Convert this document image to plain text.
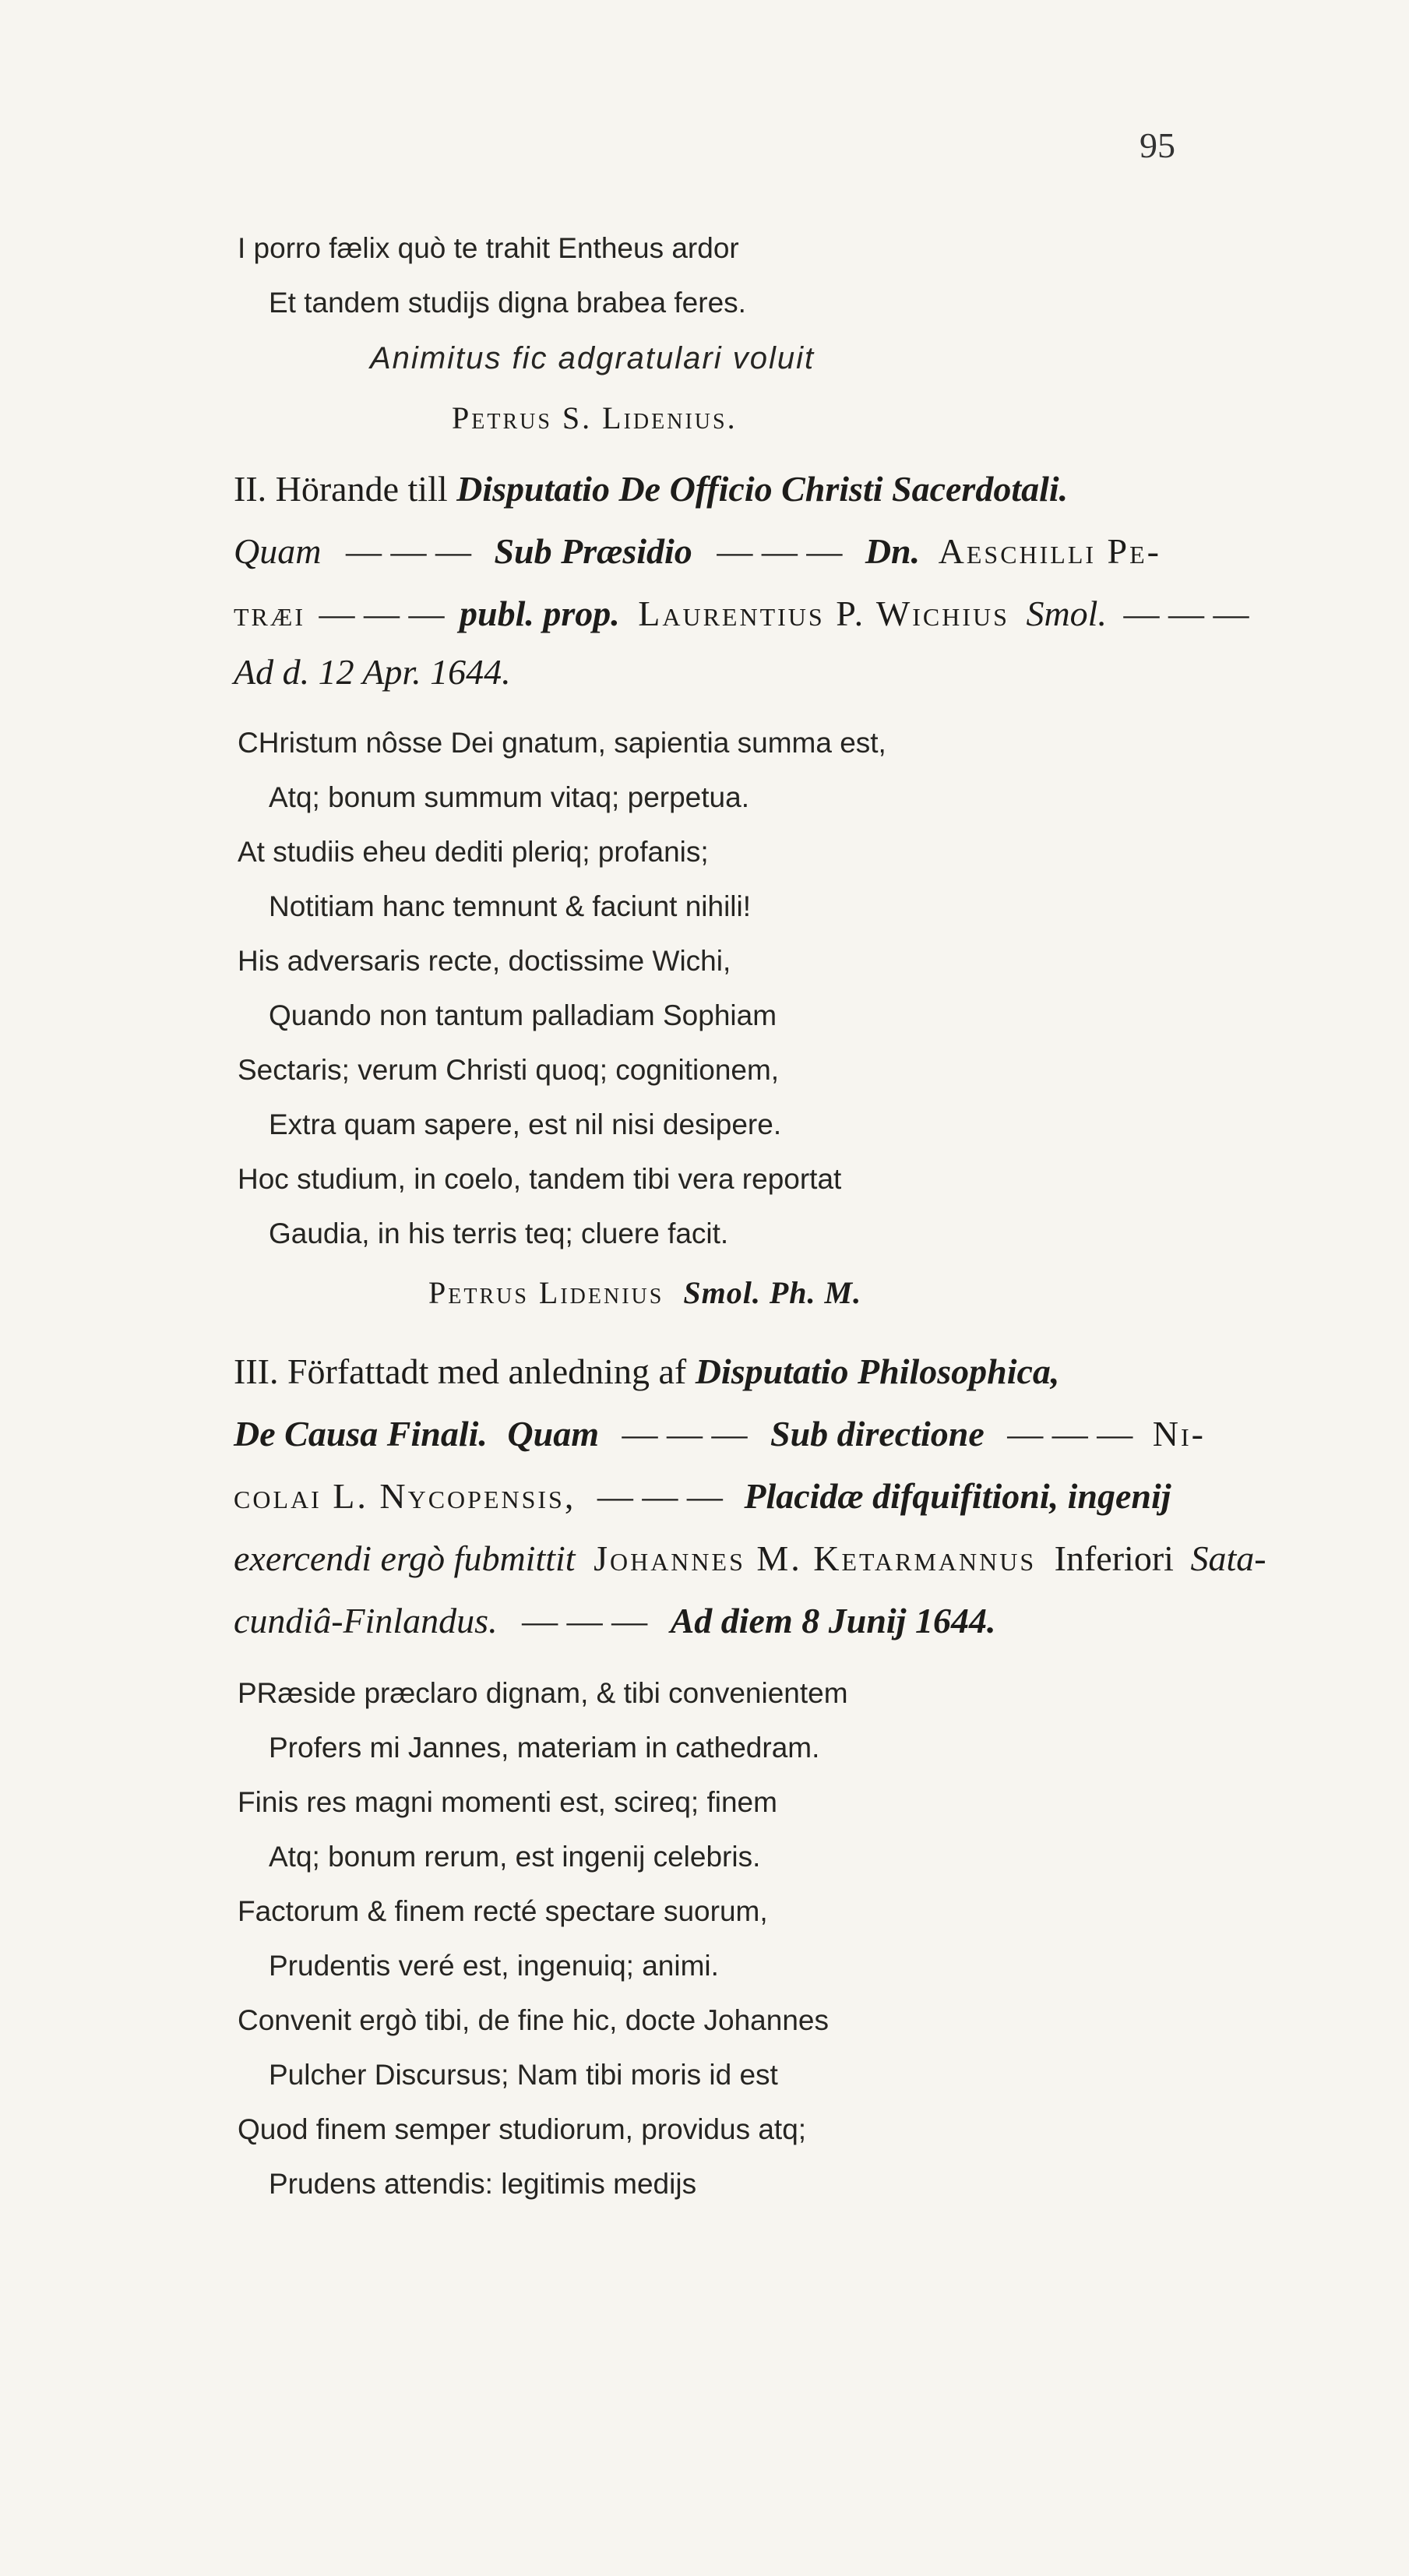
95
I porro fælix quò te trahit Entheus ardor
Et tandem studijs digna brabea feres.
Animitus fic adgratulari voluit
Petrus S. Lidenius.
II. Hörande till Disputatio De Officio Christi Sacerdotali.
Quam — — — Sub Præsidio — — — Dn. Aeschilli Pe-
træi — — — publ. prop. Laurentius P. Wichius Smol. — — —
Ad d. 12 Apr. 1644.
CHristum nôsse Dei gnatum, sapientia summa est,
Atq; bonum summum vitaq; perpetua.
At studiis eheu dediti pleriq; profanis;
Notitiam hanc temnunt & faciunt nihili!
His adversaris recte, doctissime Wichi,
Quando non tantum palladiam Sophiam
Sectaris; verum Christi quoq; cognitionem,
Extra quam sapere, est nil nisi desipere.
Hoc studium, in coelo, tandem tibi vera reportat
Gaudia, in his terris teq; cluere facit.
Petrus Lidenius Smol. Ph. M.
III. Författadt med anledning af Disputatio Philosophica,
De Causa Finali. Quam — — — Sub directione — — — Ni-
colai L. Nycopensis, — — — Placidæ difquifitioni, ingenij
exercendi ergò fubmittit Johannes M. Ketarmannus Inferiori Sata-
cundiâ-Finlandus. — — — Ad diem 8 Junij 1644.
PRæside præclaro dignam, & tibi convenientem
Profers mi Jannes, materiam in cathedram.
Finis res magni momenti est, scireq; finem
Atq; bonum rerum, est ingenij celebris.
Factorum & finem recté spectare suorum,
Prudentis veré est, ingenuiq; animi.
Convenit ergò tibi, de fine hic, docte Johannes
Pulcher Discursus; Nam tibi moris id est
Quod finem semper studiorum, providus atq;
Prudens attendis: legitimis medijs
